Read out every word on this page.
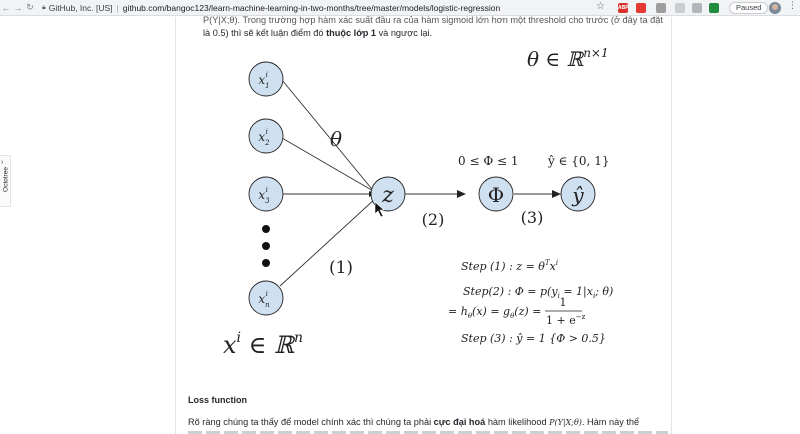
← → ↻	🔒︎ GitHub, Inc. [US] | github.com/bangoc123/learn-machine-learning-in-two-months/tree/master/models/logistic-regression	☆	ABP	Paused	⋮
›
Octotree
P(Y|X;θ). Trong trường hợp hàm xác suất đầu ra của hàm sigmoid lớn hơn một threshold cho trước (ở đây ta đặt
là 0.5) thì sẽ kết luận điểm đó thuộc lớp 1 và ngược lại.
$x_1i$
$x_2i$
$x_3i$
$x_ni$
z	Φ	ŷ
θ
θ ∈ ℝ$^{n\times 1}$
0 ≤ Φ ≤ 1 ŷ ∈ {0, 1}
(1)
(2)	(3)
$x^i$ ∈ ℝ$^n$
Step (1) : $z = \theta^Tx^i$
Step(2) : $\Phi = p(y_i = 1|x_i$; θ)
= $h_\theta(x) = g_\theta(z)$ =
1
$1 + e^{-z}$
Step (3) : ŷ = 1 {Φ > 0.5}
Loss function
Rõ ràng chúng ta thấy để model chính xác thì chúng ta phải cực đại hoá hàm likelihood P(Y|X;θ). Hàm này thể
